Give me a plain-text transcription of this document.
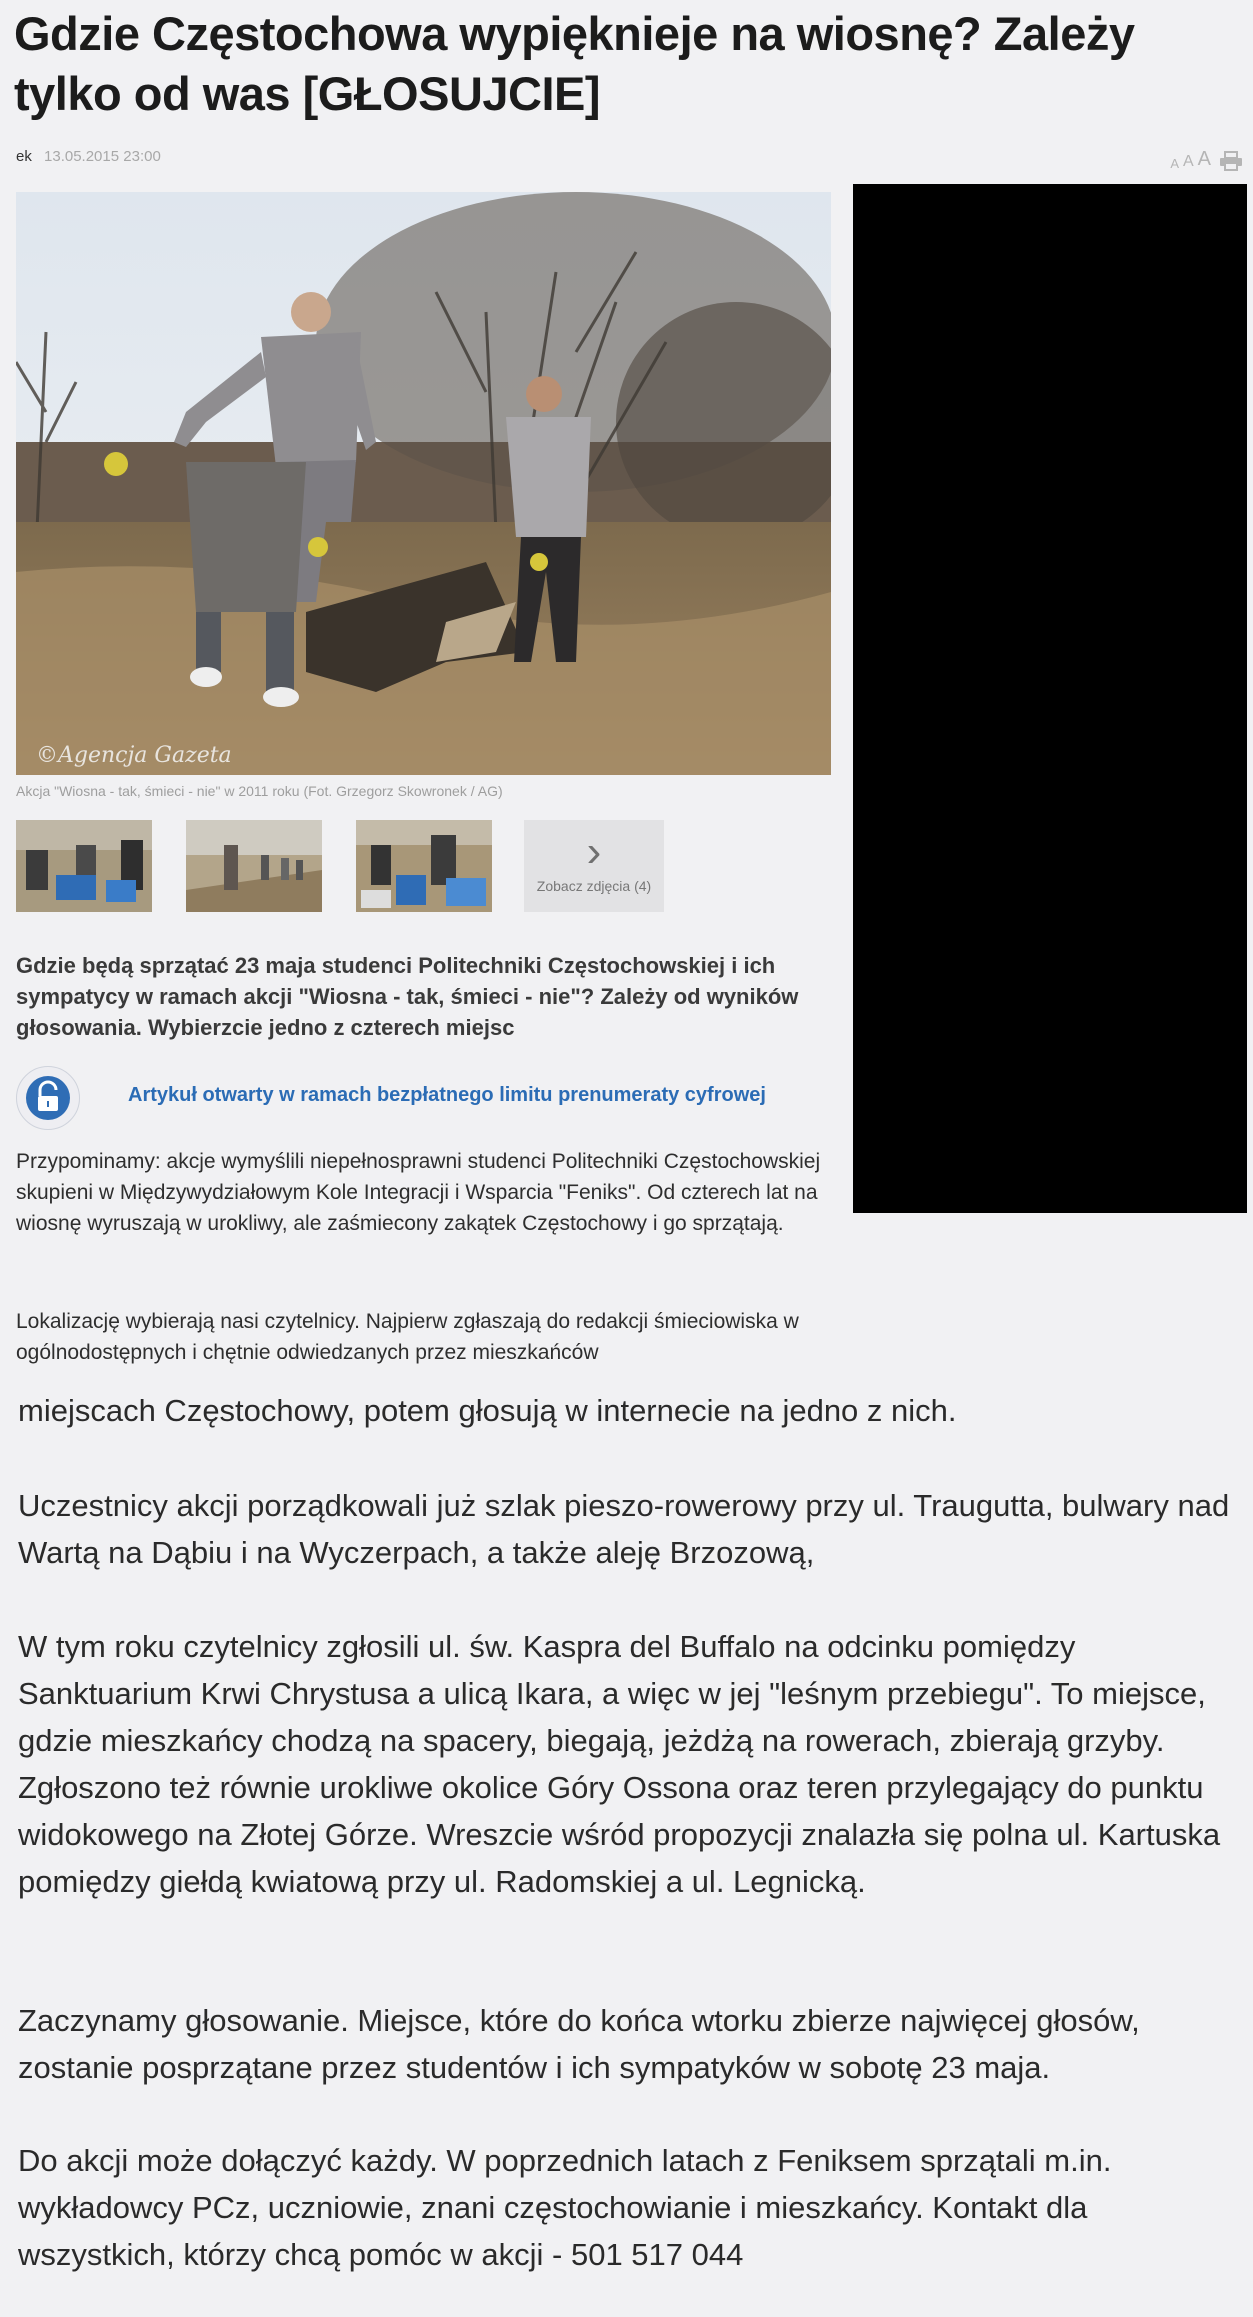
Gdzie Częstochowa wypięknieje na wiosnę? Zależy tylko od was [GŁOSUJCIE]
ek 13.05.2015 23:00	A A A
©Agencja Gazeta
Akcja "Wiosna - tak, śmieci - nie" w 2011 roku (Fot. Grzegorz Skowronek / AG)
›
Zobacz zdjęcia (4)

Gdzie będą sprzątać 23 maja studenci Politechniki Częstochowskiej i ich sympatycy w ramach akcji "Wiosna - tak, śmieci - nie"? Zależy od wyników głosowania. Wybierzcie jedno z czterech miejsc

Artykuł otwarty w ramach bezpłatnego limitu prenumeraty cyfrowej

Przypominamy: akcje wymyślili niepełnosprawni studenci Politechniki Częstochowskiej skupieni w Międzywydziałowym Kole Integracji i Wsparcia "Feniks". Od czterech lat na wiosnę wyruszają w urokliwy, ale zaśmiecony zakątek Częstochowy i go sprzątają.

Lokalizację wybierają nasi czytelnicy. Najpierw zgłaszają do redakcji śmieciowiska w ogólnodostępnych i chętnie odwiedzanych przez mieszkańców

miejscach Częstochowy, potem głosują w internecie na jedno z nich.

Uczestnicy akcji porządkowali już szlak pieszo-rowerowy przy ul. Traugutta, bulwary nad Wartą na Dąbiu i na Wyczerpach, a także aleję Brzozową,

W tym roku czytelnicy zgłosili ul. św. Kaspra del Buffalo na odcinku pomiędzy Sanktuarium Krwi Chrystusa a ulicą Ikara, a więc w jej "leśnym przebiegu". To miejsce, gdzie mieszkańcy chodzą na spacery, biegają, jeżdżą na rowerach, zbierają grzyby. Zgłoszono też równie urokliwe okolice Góry Ossona oraz teren przylegający do punktu widokowego na Złotej Górze. Wreszcie wśród propozycji znalazła się polna ul. Kartuska pomiędzy giełdą kwiatową przy ul. Radomskiej a ul. Legnicką.

Zaczynamy głosowanie. Miejsce, które do końca wtorku zbierze najwięcej głosów, zostanie posprzątane przez studentów i ich sympatyków w sobotę 23 maja.

Do akcji może dołączyć każdy. W poprzednich latach z Feniksem sprzątali m.in. wykładowcy PCz, uczniowie, znani częstochowianie i mieszkańcy. Kontakt dla wszystkich, którzy chcą pomóc w akcji - 501 517 044
